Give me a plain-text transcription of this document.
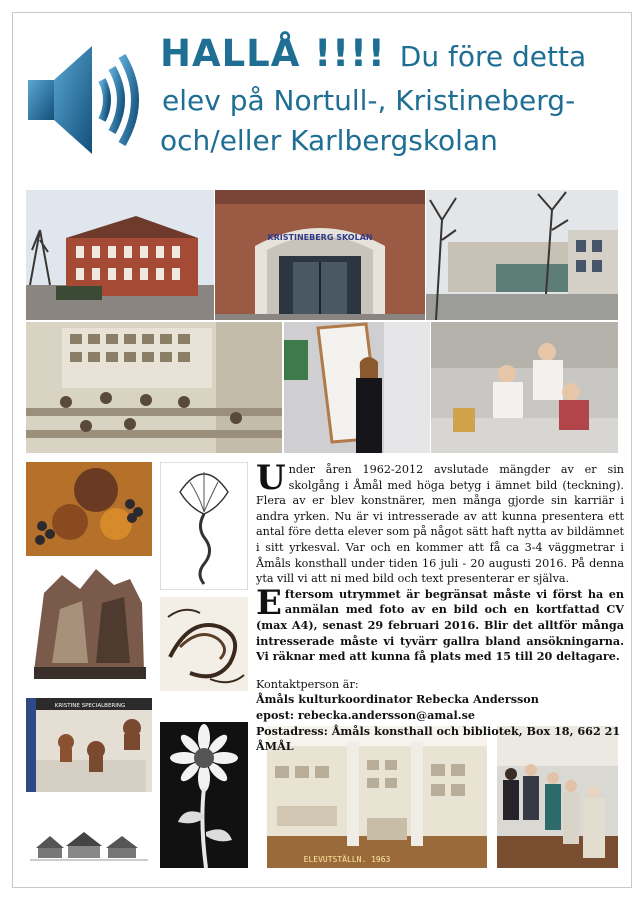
HALLÅ !!!! Du före detta
elev på Nortull-, Kristineberg-
och/eller Karlbergskolan
KRISTINEBERG SKOLAN
KRISTINE SPECIALBERING
ELEVUTSTÄLLN. 1963

Under åren 1962-2012 avslutade mängder av er sin skolgång i Åmål med höga betyg i ämnet bild (teckning). Flera av er blev konstnärer, men många gjorde sin karriär i andra yrken. Nu är vi intresserade av att kunna presentera ett antal före detta elever som på något sätt haft nytta av bildämnet i sitt yrkesval. Var och en kommer att få ca 3-4 väggmetrar i Åmåls konsthall under tiden 16 juli - 20 augusti 2016. På denna yta vill vi att ni med bild och text presenterar er själva.

Eftersom utrymmet är begränsat måste vi först ha en anmälan med foto av en bild och en kortfattad CV (max A4), senast 29 februari 2016. Blir det alltför många intresserade måste vi tyvärr gallra bland ansökningarna. Vi räknar med att kunna få plats med 15 till 20 deltagare.

Kontaktperson är:
Åmåls kulturkoordinator Rebecka Andersson
epost: rebecka.andersson@amal.se
Postadress: Åmåls konsthall och bibliotek, Box 18, 662 21 ÅMÅL
